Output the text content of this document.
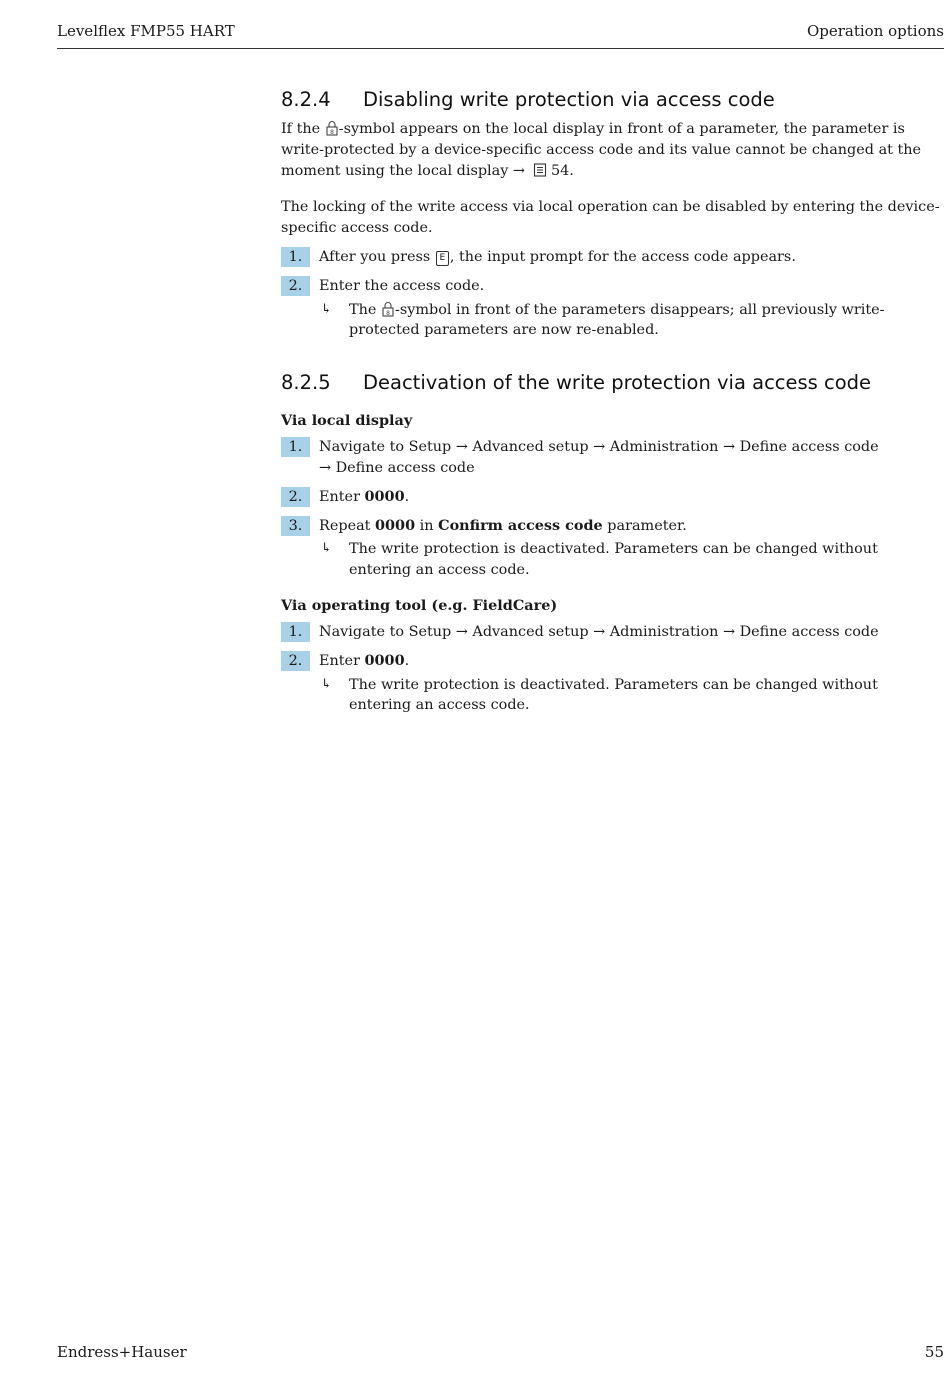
Levelflex FMP55 HART	Operation options
8.2.4	Disabling write protection via access code

If the 8 -symbol appears on the local display in front of a parameter, the parameter is write-protected by a device-specific access code and its value cannot be changed at the moment using the local display → 54.

The locking of the write access via local operation can be disabled by entering the device-specific access code.

1.	After you press E , the input prompt for the access code appears.
2.	Enter the access code.
↳ The 8 -symbol in front of the parameters disappears; all previously write-protected parameters are now re-enabled.
8.2.5	Deactivation of the write protection via access code

Via local display

1.	Navigate to Setup → Advanced setup → Administration → Define access code
→ Define access code
2.	Enter 0000.
3.	Repeat 0000 in Confirm access code parameter.
↳ The write protection is deactivated. Parameters can be changed without entering an access code.

Via operating tool (e.g. FieldCare)

1.	Navigate to Setup → Advanced setup → Administration → Define access code
2.	Enter 0000.
↳ The write protection is deactivated. Parameters can be changed without entering an access code.
Endress+Hauser	55
